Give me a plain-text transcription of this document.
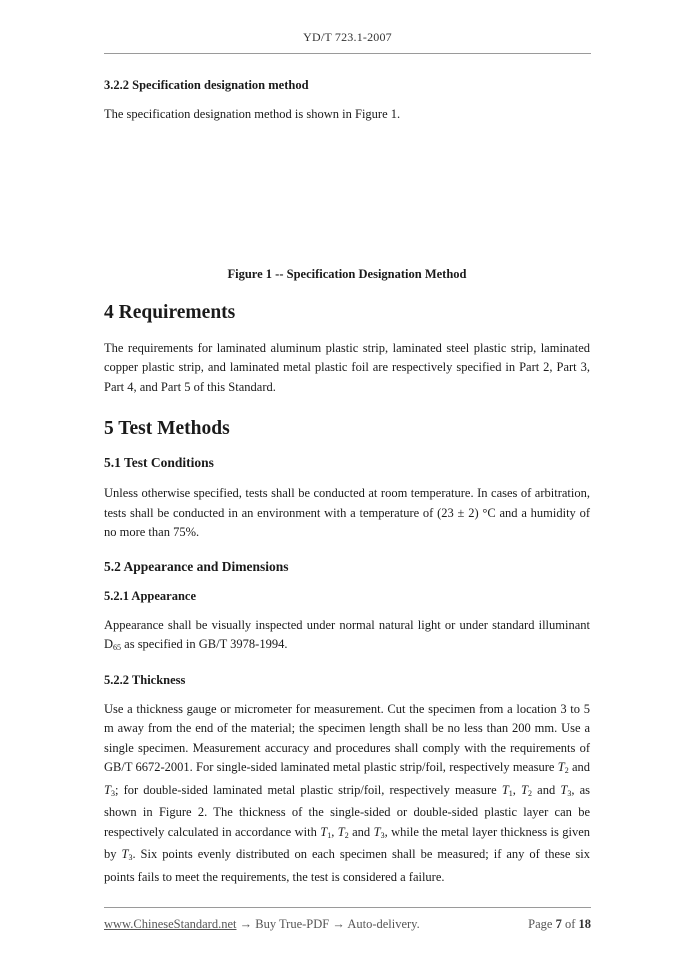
YD/T 723.1-2007

3.2.2 Specification designation method

The specification designation method is shown in Figure 1.

Figure 1 -- Specification Designation Method

4 Requirements

The requirements for laminated aluminum plastic strip, laminated steel plastic strip, laminated copper plastic strip, and laminated metal plastic foil are respectively specified in Part 2, Part 3, Part 4, and Part 5 of this Standard.

5 Test Methods

5.1 Test Conditions

Unless otherwise specified, tests shall be conducted at room temperature. In cases of arbitration, tests shall be conducted in an environment with a temperature of (23 ± 2) °C and a humidity of no more than 75%.

5.2 Appearance and Dimensions

5.2.1 Appearance

Appearance shall be visually inspected under normal natural light or under standard illuminant $D_{65}$ as specified in GB/T 3978-1994.

5.2.2 Thickness

Use a thickness gauge or micrometer for measurement. Cut the specimen from a location 3 to 5 m away from the end of the material; the specimen length shall be no less than 200 mm. Use a single specimen. Measurement accuracy and procedures shall comply with the requirements of GB/T 6672-2001. For single-sided laminated metal plastic strip/foil, respectively measure $T_2$ and $T_3$; for double-sided laminated metal plastic strip/foil, respectively measure $T_1$, $T_2$ and $T_3$, as shown in Figure 2. The thickness of the single-sided or double-sided plastic layer can be respectively calculated in accordance with $T_1$, $T_2$ and $T_3$, while the metal layer thickness is given by $T_3$. Six points evenly distributed on each specimen shall be measured; if any of these six points fails to meet the requirements, the test is considered a failure.

www.ChineseStandard.net → Buy True-PDF → Auto-delivery.	Page 7 of 18
